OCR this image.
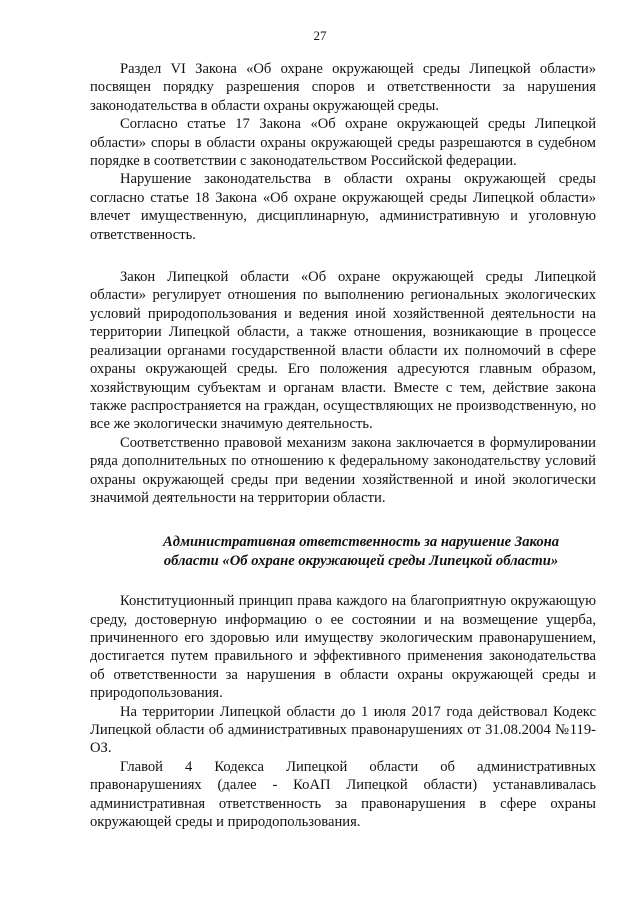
27

Раздел VI Закона «Об охране окружающей среды Липецкой области» посвящен порядку разрешения споров и ответственности за нарушения законодательства в области охраны окружающей среды.

Согласно статье 17 Закона «Об охране окружающей среды Липецкой области» споры в области охраны окружающей среды разрешаются в судебном порядке в соответствии с законодательством Российской федерации.

Нарушение законодательства в области охраны окружающей среды согласно статье 18 Закона «Об охране окружающей среды Липецкой области» влечет имущественную, дисциплинарную, административную и уголовную ответственность.

Закон Липецкой области «Об охране окружающей среды Липецкой области» регулирует отношения по выполнению региональных экологических условий природопользования и ведения иной хозяйственной деятельности на территории Липецкой области, а также отношения, возникающие в процессе реализации органами государственной власти области их полномочий в сфере охраны окружающей среды. Его положения адресуются главным образом, хозяйствующим субъектам и органам власти. Вместе с тем, действие закона также распространяется на граждан, осуществляющих не производственную, но все же экологически значимую деятельность.

Соответственно правовой механизм закона заключается в формулировании ряда дополнительных по отношению к федеральному законодательству условий охраны окружающей среды при ведении хозяйственной и иной экологически значимой деятельности на территории области.

Административная ответственность за нарушение Закона

области «Об охране окружающей среды Липецкой области»

Конституционный принцип права каждого на благоприятную окружающую среду, достоверную информацию о ее состоянии и на возмещение ущерба, причиненного его здоровью или имуществу экологическим правонарушением, достигается путем правильного и эффективного применения законодательства об ответственности за нарушения в области охраны окружающей среды и природопользования.

На территории Липецкой области до 1 июля 2017 года действовал Кодекс Липецкой области об административных правонарушениях от 31.08.2004 №119-ОЗ.

Главой 4 Кодекса Липецкой области об административных правонарушениях (далее - КоАП Липецкой области) устанавливалась административная ответственность за правонарушения в сфере охраны окружающей среды и природопользования.
